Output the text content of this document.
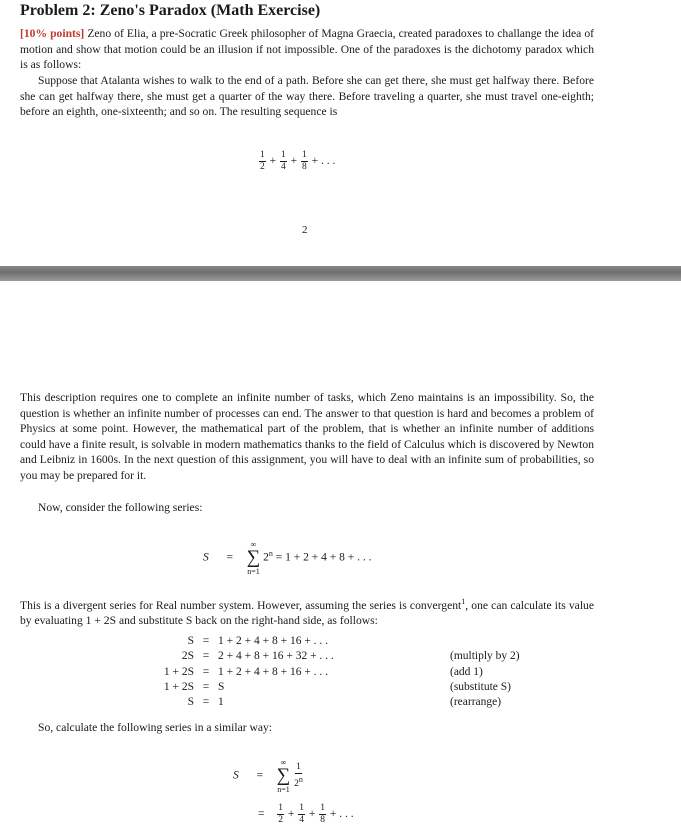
Problem 2: Zeno's Paradox (Math Exercise)

[10% points] Zeno of Elia, a pre-Socratic Greek philosopher of Magna Graecia, created paradoxes to challange the idea of motion and show that motion could be an illusion if not impossible. One of the paradoxes is the dichotomy paradox which is as follows:

Suppose that Atalanta wishes to walk to the end of a path. Before she can get there, she must get halfway there. Before she can get halfway there, she must get a quarter of the way there. Before traveling a quarter, she must travel one-eighth; before an eighth, one-sixteenth; and so on. The resulting sequence is

$\frac{1}{2} + \frac{1}{4} + \frac{1}{8}$ + . . .
2

This description requires one to complete an infinite number of tasks, which Zeno maintains is an impossibility. So, the question is whether an infinite number of processes can end. The answer to that question is hard and becomes a problem of Physics at some point. However, the mathematical part of the problem, that is whether an infinite number of additions could have a finite result, is solvable in modern mathematics thanks to the field of Calculus which is discovered by Newton and Leibniz in 1600s. In the next question of this assignment, you will have to deal with an infinite sum of probabilities, so you may be prepared for it.

Now, consider the following series:

S =
∞
∑
n=1
$2^n = 1 + 2 + 4 + 8$ + . . .

This is a divergent series for Real number system. However, assuming the series is convergent$^1$, one can calculate its value by evaluating 1 + 2S and substitute S back on the right-hand side, as follows:

S	=	1 + 2 + 4 + 8 + 16 + . . .	
2S	=	2 + 4 + 8 + 16 + 32 + . . .	(multiply by 2)
1 + 2S	=	1 + 2 + 4 + 8 + 16 + . . .	(add 1)
1 + 2S	=	S	(substitute S)
S	=	1	(rearrange)

So, calculate the following series in a similar way:

S =
∞
∑
n=1
$\frac{1}{2^n}$
= $\frac{1}{2} + \frac{1}{4} + \frac{1}{8}$ + . . .
